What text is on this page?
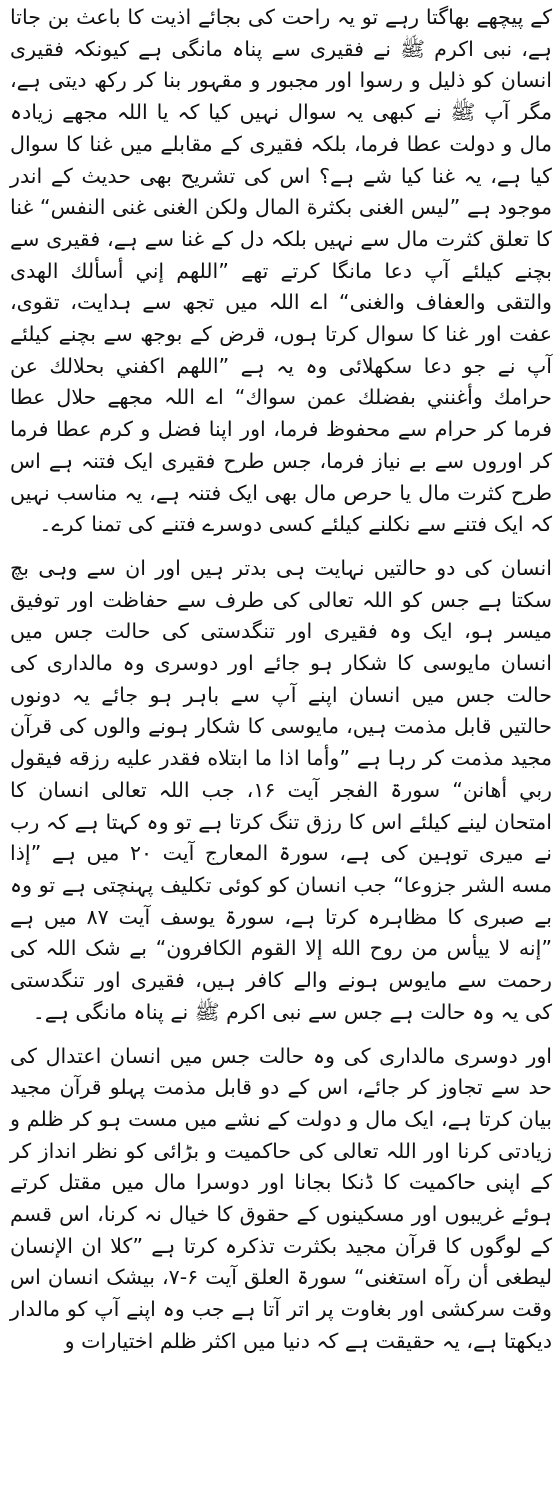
کے پیچھے بھاگتا رہے تو یہ راحت کی بجائے اذیت کا باعث بن جاتا ہے، نبی اکرم ﷺ نے فقیری سے پناہ مانگی ہے کیونکہ فقیری انسان کو ذلیل و رسوا اور مجبور و مقہور بنا کر رکھ دیتی ہے، مگر آپ ﷺ نے کبھی یہ سوال نہیں کیا کہ یا اللہ مجھے زیادہ مال و دولت عطا فرما، بلکہ فقیری کے مقابلے میں غنا کا سوال کیا ہے، یہ غنا کیا شے ہے؟ اس کی تشریح بھی حدیث کے اندر موجود ہے ”ليس الغنى بكثرة المال ولكن الغنى غنى النفس“ غنا کا تعلق کثرت مال سے نہیں بلکہ دل کے غنا سے ہے، فقیری سے بچنے کیلئے آپ دعا مانگا کرتے تھے ”اللهم إني أسألك الهدى والتقى والعفاف والغنى“ اے اللہ میں تجھ سے ہدایت، تقوی، عفت اور غنا کا سوال کرتا ہوں، قرض کے بوجھ سے بچنے کیلئے آپ نے جو دعا سکھلائی وہ یہ ہے ”اللهم اكفني بحلالك عن حرامك وأغنني بفضلك عمن سواك“ اے اللہ مجھے حلال عطا فرما کر حرام سے محفوظ فرما، اور اپنا فضل و کرم عطا فرما کر اوروں سے بے نیاز فرما، جس طرح فقیری ایک فتنہ ہے اس طرح کثرت مال یا حرص مال بھی ایک فتنہ ہے، یہ مناسب نہیں کہ ایک فتنے سے نکلنے کیلئے کسی دوسرے فتنے کی تمنا کرے۔

انسان کی دو حالتیں نہایت ہی بدتر ہیں اور ان سے وہی بچ سکتا ہے جس کو اللہ تعالی کی طرف سے حفاظت اور توفیق میسر ہو، ایک وہ فقیری اور تنگدستی کی حالت جس میں انسان مایوسی کا شکار ہو جائے اور دوسری وہ مالداری کی حالت جس میں انسان اپنے آپ سے باہر ہو جائے یہ دونوں حالتیں قابل مذمت ہیں، مایوسی کا شکار ہونے والوں کی قرآن مجید مذمت کر رہا ہے ”وأما اذا ما ابتلاه فقدر عليه رزقه فيقول ربي أهانن“ سورۃ الفجر آیت ۱۶، جب اللہ تعالی انسان کا امتحان لینے کیلئے اس کا رزق تنگ کرتا ہے تو وہ کہتا ہے کہ رب نے میری توہین کی ہے، سورۃ المعارج آیت ۲۰ میں ہے ”إذا مسه الشر جزوعا“ جب انسان کو کوئی تکلیف پہنچتی ہے تو وہ بے صبری کا مظاہرہ کرتا ہے، سورۃ یوسف آیت ۸۷ میں ہے ”إنه لا ييأس من روح الله إلا القوم الكافرون“ بے شک اللہ کی رحمت سے مایوس ہونے والے کافر ہیں، فقیری اور تنگدستی کی یہ وہ حالت ہے جس سے نبی اکرم ﷺ نے پناہ مانگی ہے۔

اور دوسری مالداری کی وہ حالت جس میں انسان اعتدال کی حد سے تجاوز کر جائے، اس کے دو قابل مذمت پہلو قرآن مجید بیان کرتا ہے، ایک مال و دولت کے نشے میں مست ہو کر ظلم و زیادتی کرنا اور اللہ تعالی کی حاکمیت و بڑائی کو نظر انداز کر کے اپنی حاکمیت کا ڈنکا بجانا اور دوسرا مال میں مقتل کرتے ہوئے غریبوں اور مسکینوں کے حقوق کا خیال نہ کرنا، اس قسم کے لوگوں کا قرآن مجید بکثرت تذکرہ کرتا ہے ”كلا ان الإنسان ليطغى أن رآه استغنى“ سورۃ العلق آیت ۶-۷، بیشک انسان اس وقت سرکشی اور بغاوت پر اتر آتا ہے جب وہ اپنے آپ کو مالدار دیکھتا ہے، یہ حقیقت ہے کہ دنیا میں اکثر ظلم اختیارات و
